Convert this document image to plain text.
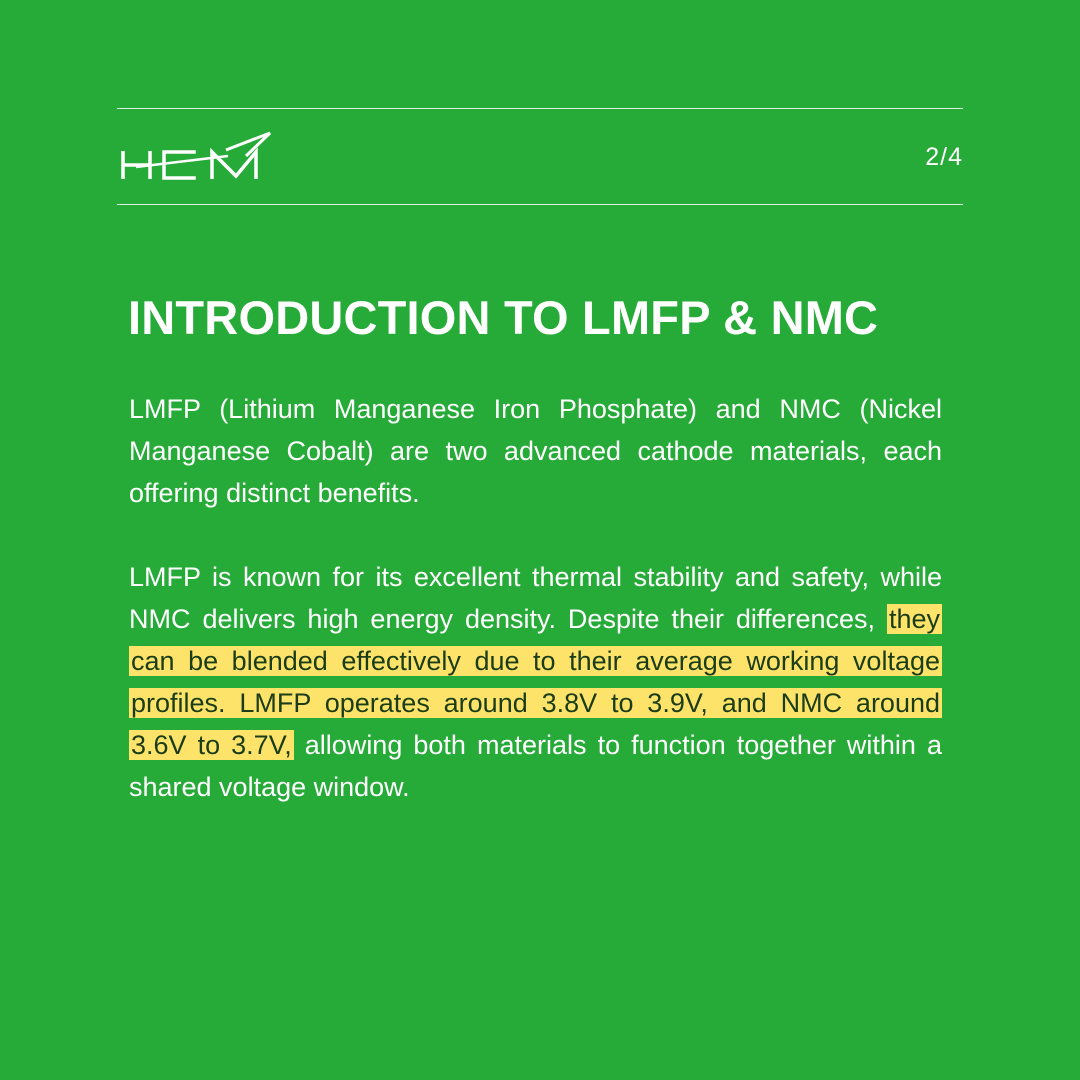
2/4
INTRODUCTION TO LMFP & NMC

LMFP (Lithium Manganese Iron Phosphate) and NMC (Nickel Manganese Cobalt) are two advanced cathode materials, each offering distinct benefits.

LMFP is known for its excellent thermal stability and safety, while NMC delivers high energy density. Despite their differences, they can be blended effectively due to their average working voltage profiles. LMFP operates around 3.8V to 3.9V, and NMC around 3.6V to 3.7V, allowing both materials to function together within a shared voltage window.
